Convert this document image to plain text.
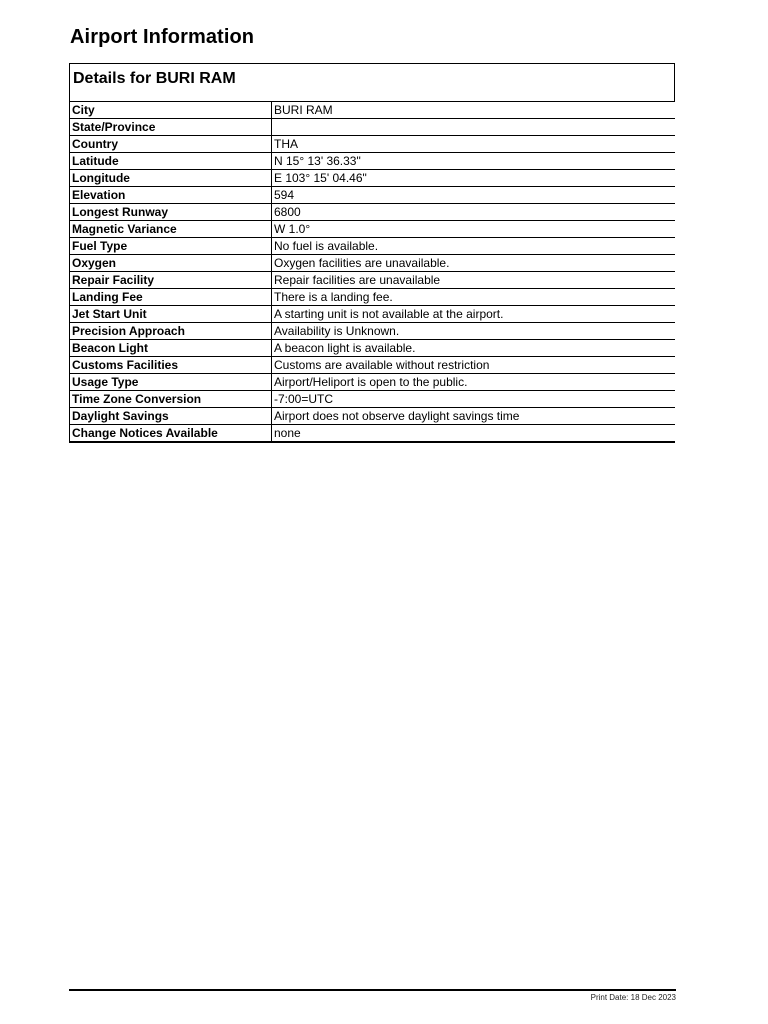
Airport Information
Details for BURI RAM
City	BURI RAM
State/Province	
Country	THA
Latitude	N 15° 13' 36.33"
Longitude	E 103° 15' 04.46"
Elevation	594
Longest Runway	6800
Magnetic Variance	W 1.0°
Fuel Type	No fuel is available.
Oxygen	Oxygen facilities are unavailable.
Repair Facility	Repair facilities are unavailable
Landing Fee	There is a landing fee.
Jet Start Unit	A starting unit is not available at the airport.
Precision Approach	Availability is Unknown.
Beacon Light	A beacon light is available.
Customs Facilities	Customs are available without restriction
Usage Type	Airport/Heliport is open to the public.
Time Zone Conversion	-7:00=UTC
Daylight Savings	Airport does not observe daylight savings time
Change Notices Available	none
Print Date: 18 Dec 2023
